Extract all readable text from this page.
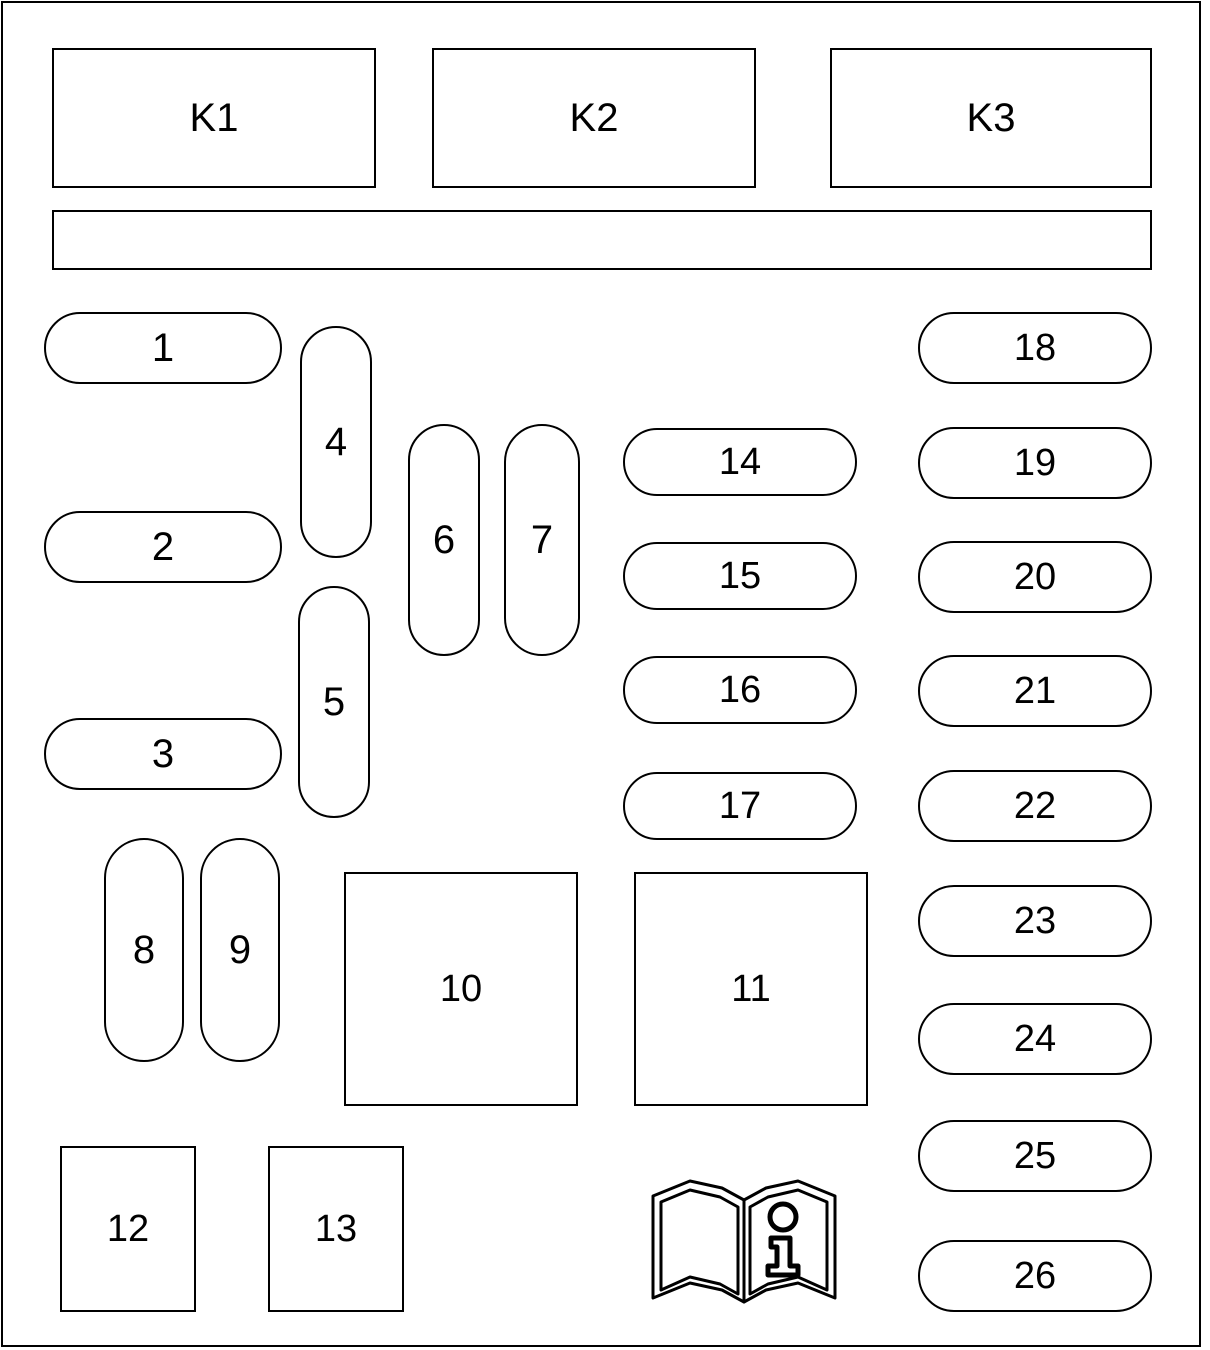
K1	K2	K3
1
2
3
4
5
6 7
8 9
14
15
16
17
18
19
20
21
22
23
24
25
26
10	11
12	13
